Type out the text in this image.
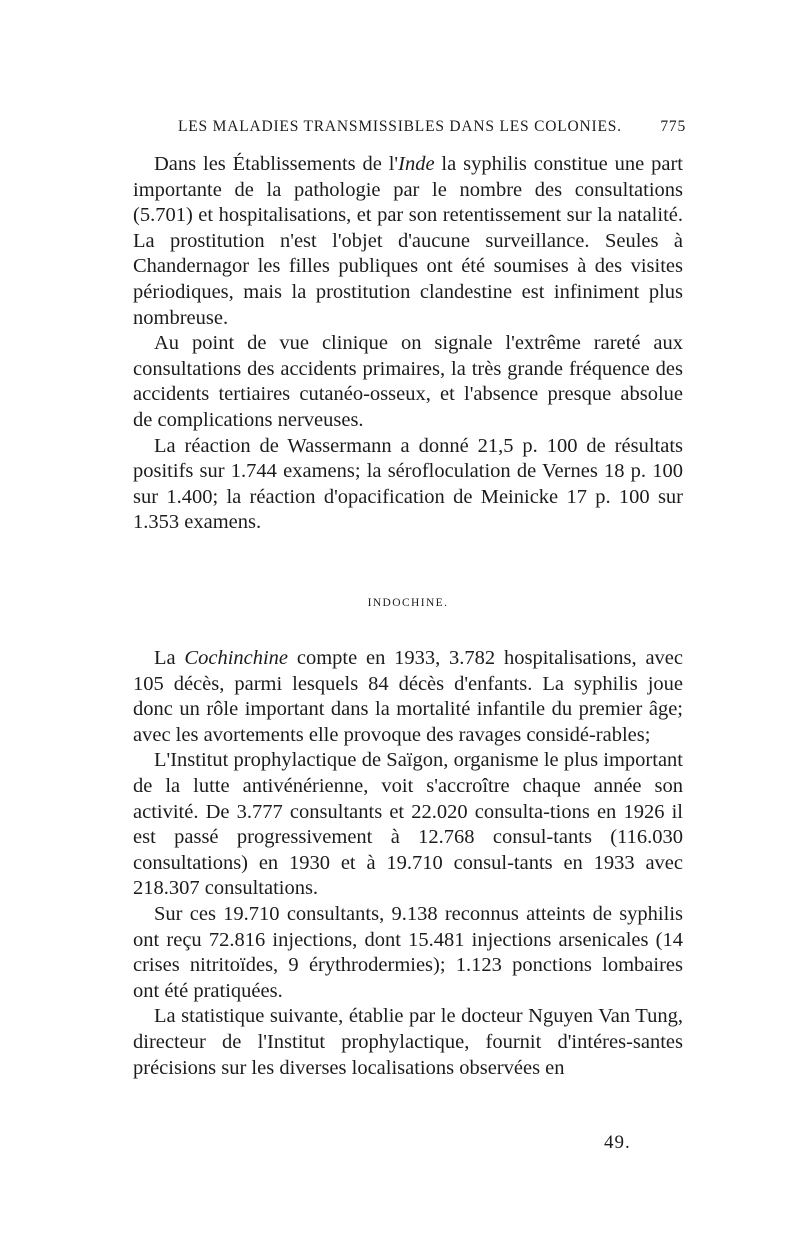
LES MALADIES TRANSMISSIBLES DANS LES COLONIES. 775

Dans les Établissements de l'Inde la syphilis constitue une part importante de la pathologie par le nombre des consultations (5.701) et hospitalisations, et par son retentissement sur la natalité. La prostitution n'est l'objet d'aucune surveillance. Seules à Chandernagor les filles publiques ont été soumises à des visites périodiques, mais la prostitution clandestine est infiniment plus nombreuse.

Au point de vue clinique on signale l'extrême rareté aux consultations des accidents primaires, la très grande fréquence des accidents tertiaires cutanéo-osseux, et l'absence presque absolue de complications nerveuses.

La réaction de Wassermann a donné 21,5 p. 100 de résultats positifs sur 1.744 examens; la sérofloculation de Vernes 18 p. 100 sur 1.400; la réaction d'opacification de Meinicke 17 p. 100 sur 1.353 examens.

INDOCHINE.

La Cochinchine compte en 1933, 3.782 hospitalisations, avec 105 décès, parmi lesquels 84 décès d'enfants. La syphilis joue donc un rôle important dans la mortalité infantile du premier âge; avec les avortements elle provoque des ravages considé-rables;

L'Institut prophylactique de Saïgon, organisme le plus important de la lutte antivénérienne, voit s'accroître chaque année son activité. De 3.777 consultants et 22.020 consulta-tions en 1926 il est passé progressivement à 12.768 consul-tants (116.030 consultations) en 1930 et à 19.710 consul-tants en 1933 avec 218.307 consultations.

Sur ces 19.710 consultants, 9.138 reconnus atteints de syphilis ont reçu 72.816 injections, dont 15.481 injections arsenicales (14 crises nitritoïdes, 9 érythrodermies); 1.123 ponctions lombaires ont été pratiquées.

La statistique suivante, établie par le docteur Nguyen Van Tung, directeur de l'Institut prophylactique, fournit d'intéres-santes précisions sur les diverses localisations observées en

49.
